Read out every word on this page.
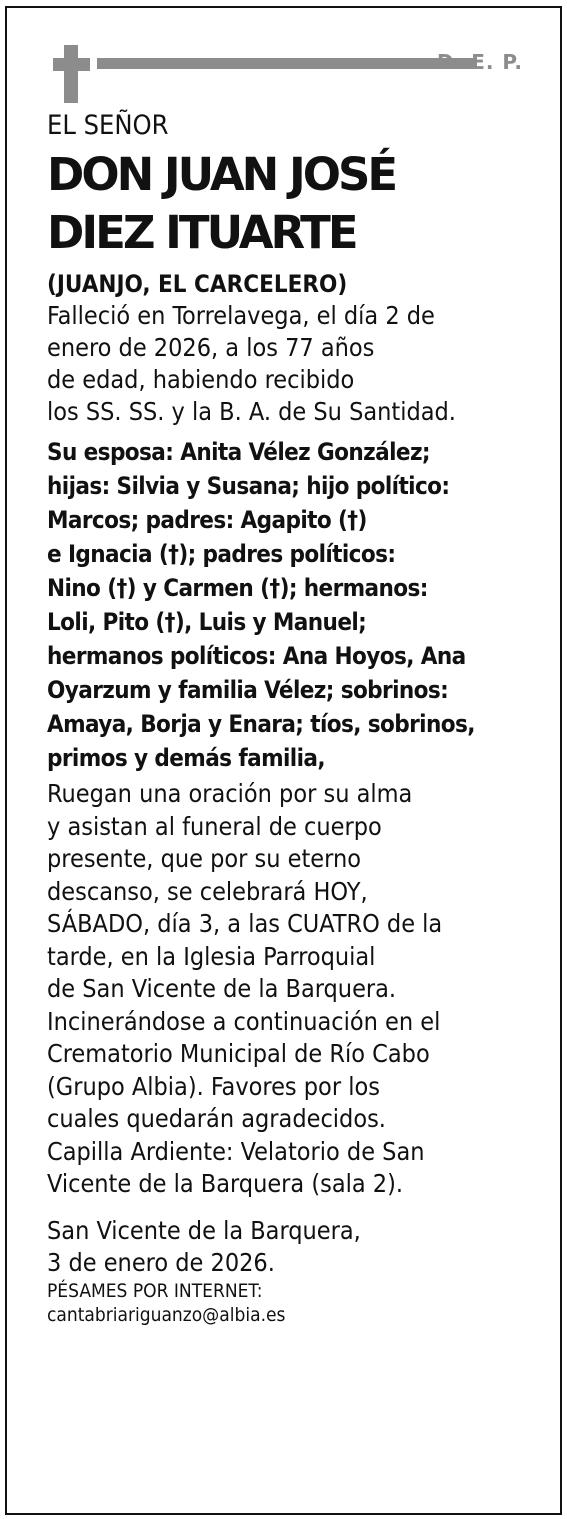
D. E. P.
EL SEÑOR
DON JUAN JOSÉ
DIEZ ITUARTE
(JUANJO, EL CARCELERO)
Falleció en Torrelavega, el día 2 de
enero de 2026, a los 77 años
de edad, habiendo recibido
los SS. SS. y la B. A. de Su Santidad.
Su esposa: Anita Vélez González;
hijas: Silvia y Susana; hijo político:
Marcos; padres: Agapito (†)
e Ignacia (†); padres políticos:
Nino (†) y Carmen (†); hermanos:
Loli, Pito (†), Luis y Manuel;
hermanos políticos: Ana Hoyos, Ana
Oyarzum y familia Vélez; sobrinos:
Amaya, Borja y Enara; tíos, sobrinos,
primos y demás familia,
Ruegan una oración por su alma
y asistan al funeral de cuerpo
presente, que por su eterno
descanso, se celebrará HOY,
SÁBADO, día 3, a las CUATRO de la
tarde, en la Iglesia Parroquial
de San Vicente de la Barquera.
Incinerándose a continuación en el
Crematorio Municipal de Río Cabo
(Grupo Albia). Favores por los
cuales quedarán agradecidos.
Capilla Ardiente: Velatorio de San
Vicente de la Barquera (sala 2).
San Vicente de la Barquera,
3 de enero de 2026.
PÉSAMES POR INTERNET:
cantabriariguanzo@albia.es
